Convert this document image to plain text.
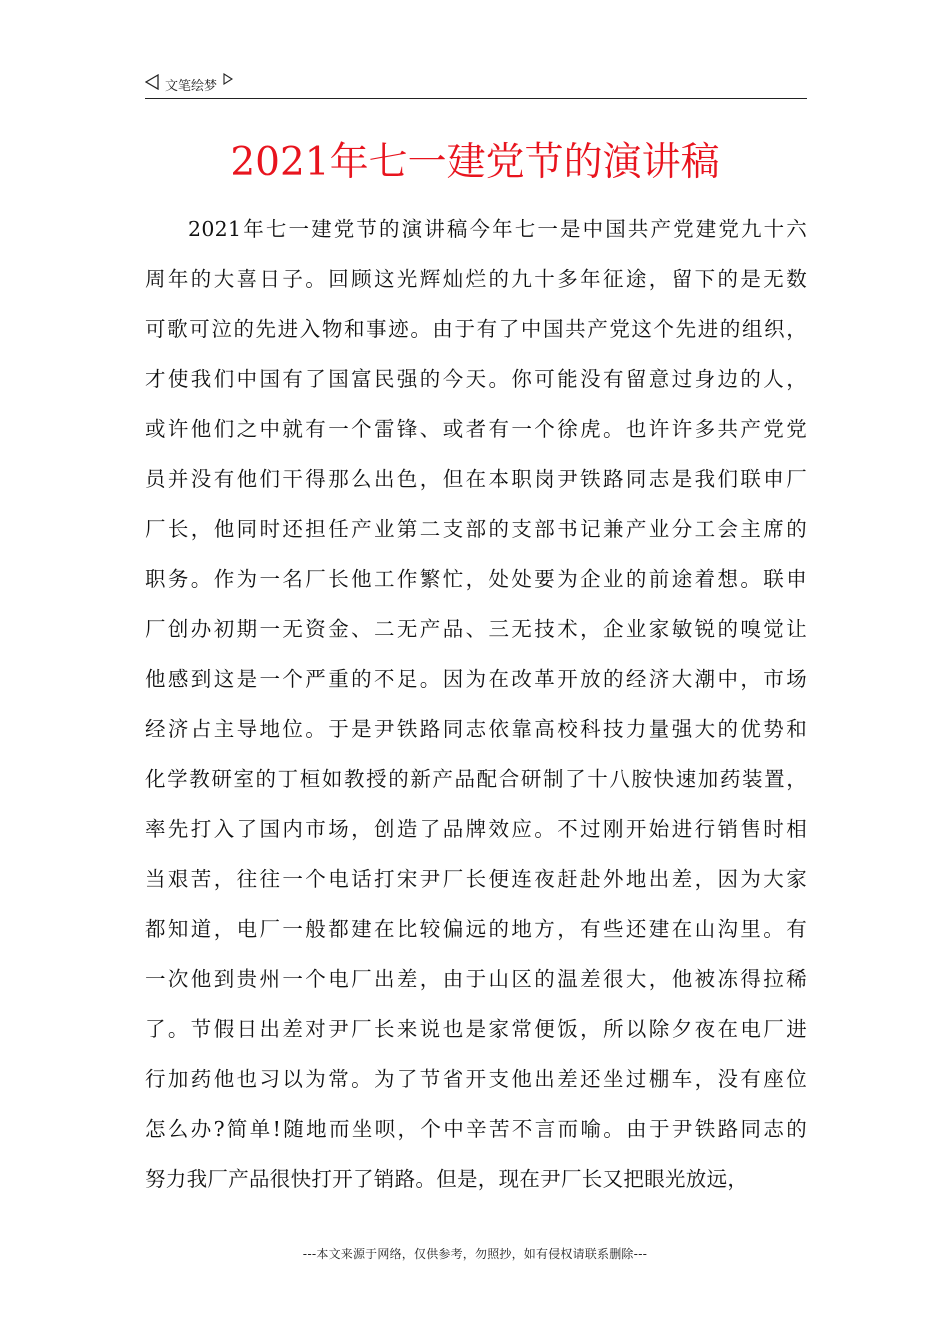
文笔绘梦
2021年七一建党节的演讲稿
2021年七一建党节的演讲稿今年七一是中国共产党建党九十六
周年的大喜日子。回顾这光辉灿烂的九十多年征途，留下的是无数
可歌可泣的先进入物和事迹。由于有了中国共产党这个先进的组织，
才使我们中国有了国富民强的今天。你可能没有留意过身边的人，
或许他们之中就有一个雷锋、或者有一个徐虎。也许许多共产党党
员并没有他们干得那么出色，但在本职岗尹铁路同志是我们联申厂
厂长，他同时还担任产业第二支部的支部书记兼产业分工会主席的
职务。作为一名厂长他工作繁忙，处处要为企业的前途着想。联申
厂创办初期一无资金、二无产品、三无技术，企业家敏锐的嗅觉让
他感到这是一个严重的不足。因为在改革开放的经济大潮中，市场
经济占主导地位。于是尹铁路同志依靠高校科技力量强大的优势和
化学教研室的丁桓如教授的新产品配合研制了十八胺快速加药装置，
率先打入了国内市场，创造了品牌效应。不过刚开始进行销售时相
当艰苦，往往一个电话打宋尹厂长便连夜赶赴外地出差，因为大家
都知道，电厂一般都建在比较偏远的地方，有些还建在山沟里。有
一次他到贵州一个电厂出差，由于山区的温差很大，他被冻得拉稀
了。节假日出差对尹厂长来说也是家常便饭，所以除夕夜在电厂进
行加药他也习以为常。为了节省开支他出差还坐过棚车，没有座位
怎么办?简单!随地而坐呗，个中辛苦不言而喻。由于尹铁路同志的
努力我厂产品很快打开了销路。但是，现在尹厂长又把眼光放远，
---本文来源于网络，仅供参考，勿照抄，如有侵权请联系删除---
